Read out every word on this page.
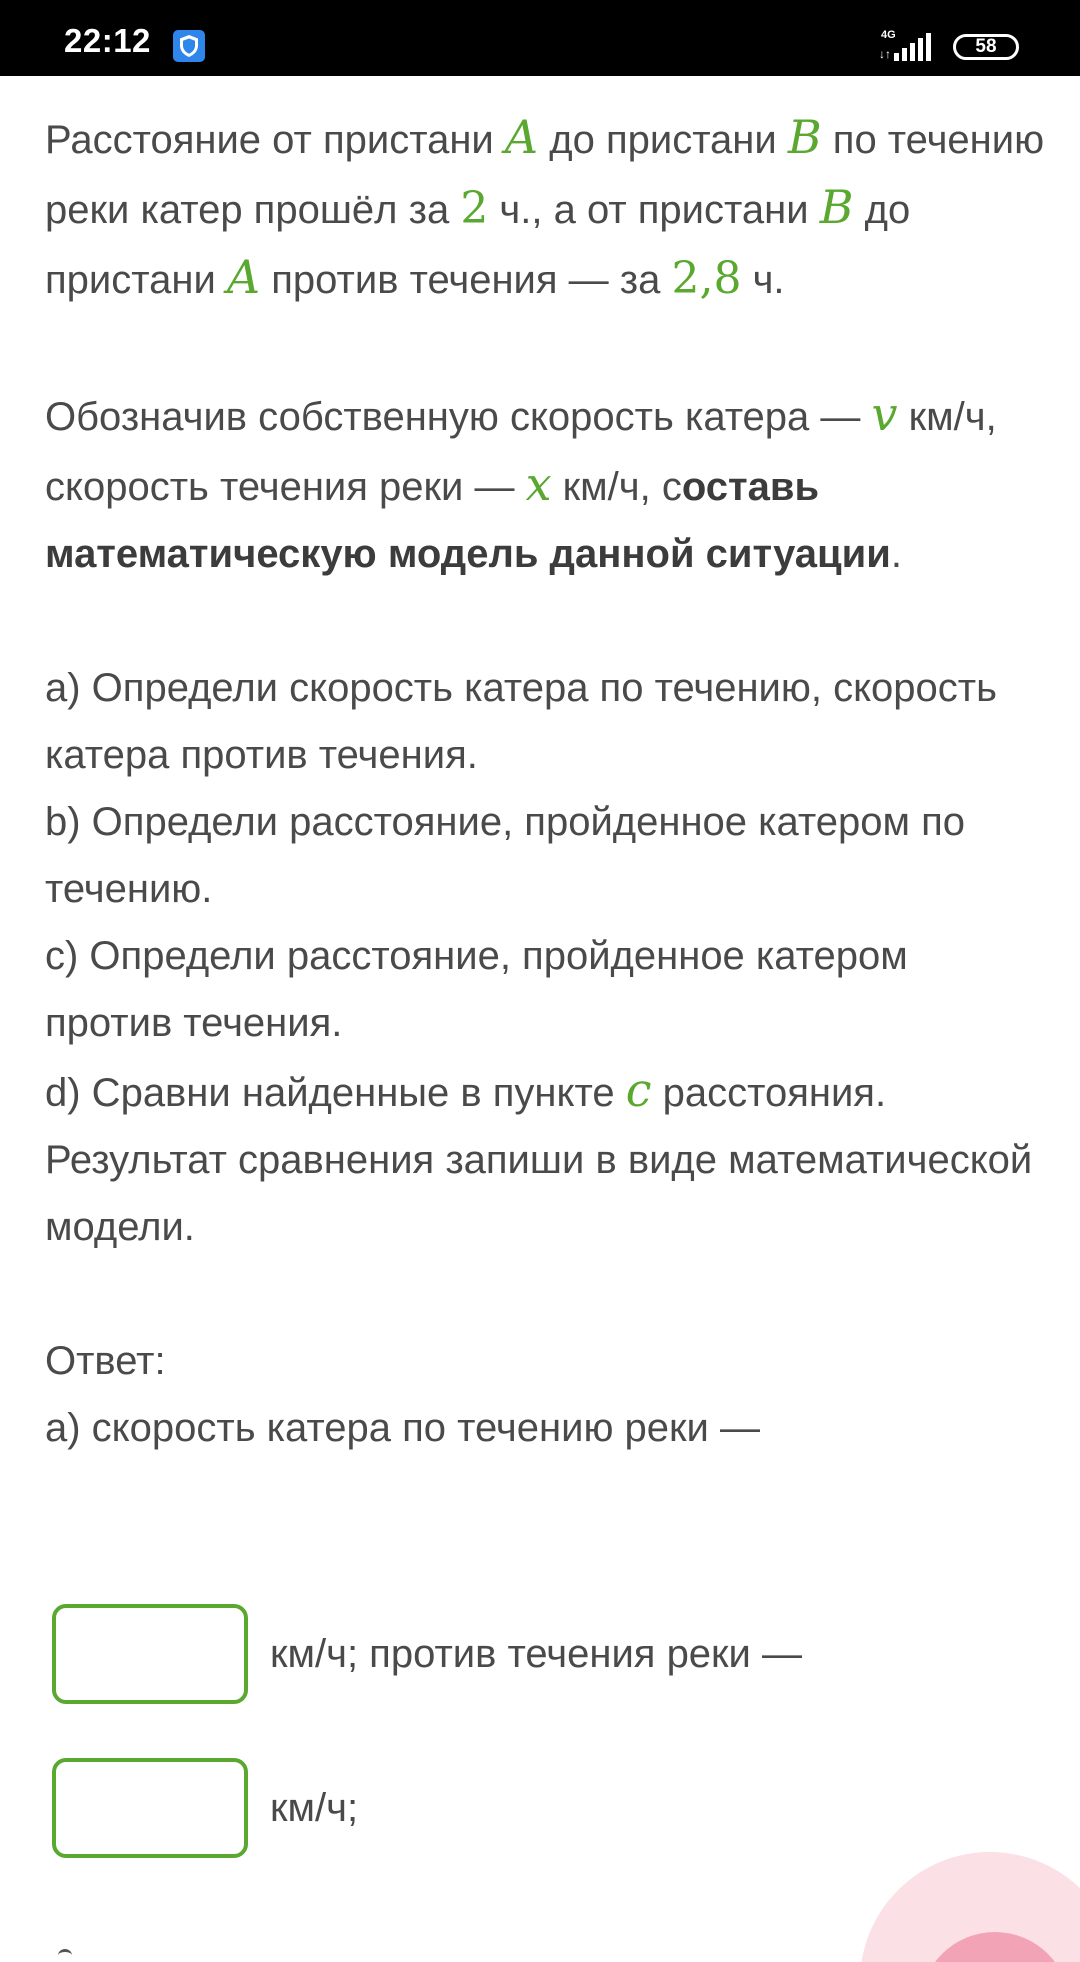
22:12	4G
↓↑	58

Расстояние от пристани A до пристани B по течению реки катер прошёл за 2 ч., а от пристани B до пристани A против течения — за 2,8 ч.

Обозначив собственную скорость катера — v км/ч, скорость течения реки — x км/ч, составь математическую модель данной ситуации.

a) Определи скорость катера по течению, скорость катера против течения.

b) Определи расстояние, пройденное катером по течению.

c) Определи расстояние, пройденное катером против течения.

d) Сравни найденные в пункте c расстояния. Результат сравнения запиши в виде математической модели.

Ответ:

a) скорость катера по течению реки —

км/ч; против течения реки —
км/ч;
